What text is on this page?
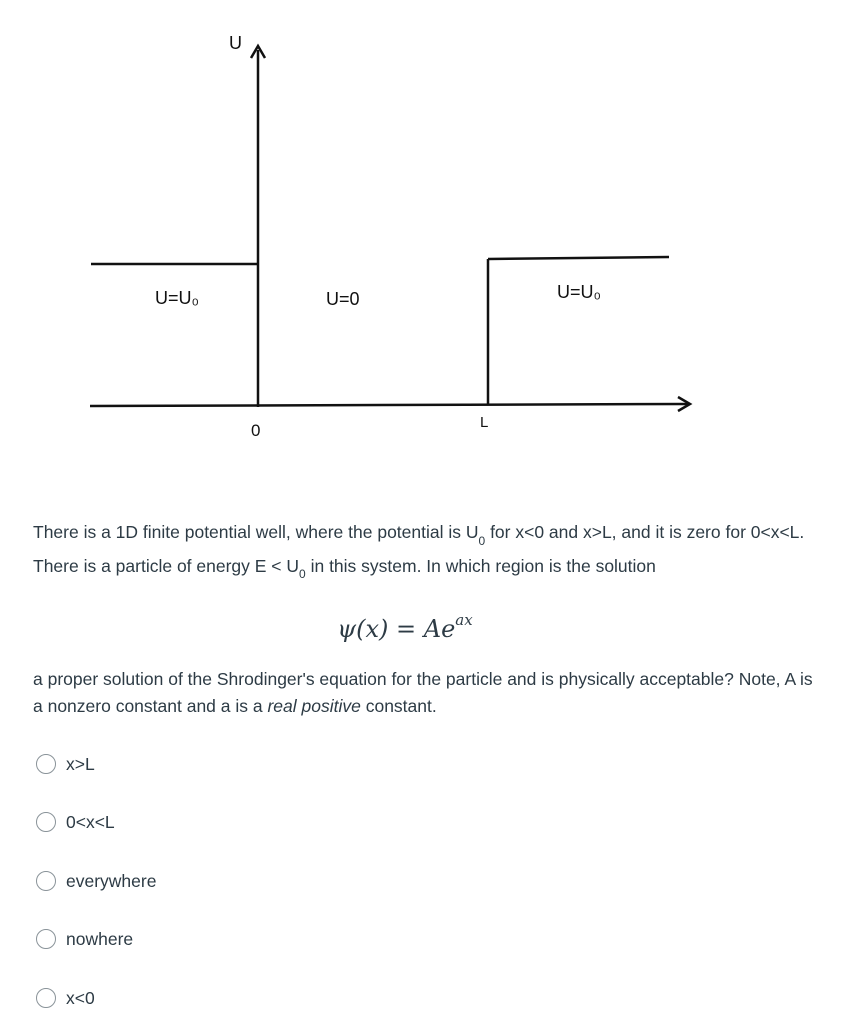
U
U=U₀	U=0	U=U₀
0	L
There is a 1D finite potential well, where the potential is $U_0$ for x<0 and x>L, and it is zero for 0<x<L. There is a particle of energy $E < U_0$ in this system. In which region is the solution
$\psi(x) = Ae^{ax}$
a proper solution of the Shrodinger's equation for the particle and is physically acceptable? Note, A is a nonzero constant and a is a real positive constant.
x>L
0<x<L
everywhere
nowhere
x<0
